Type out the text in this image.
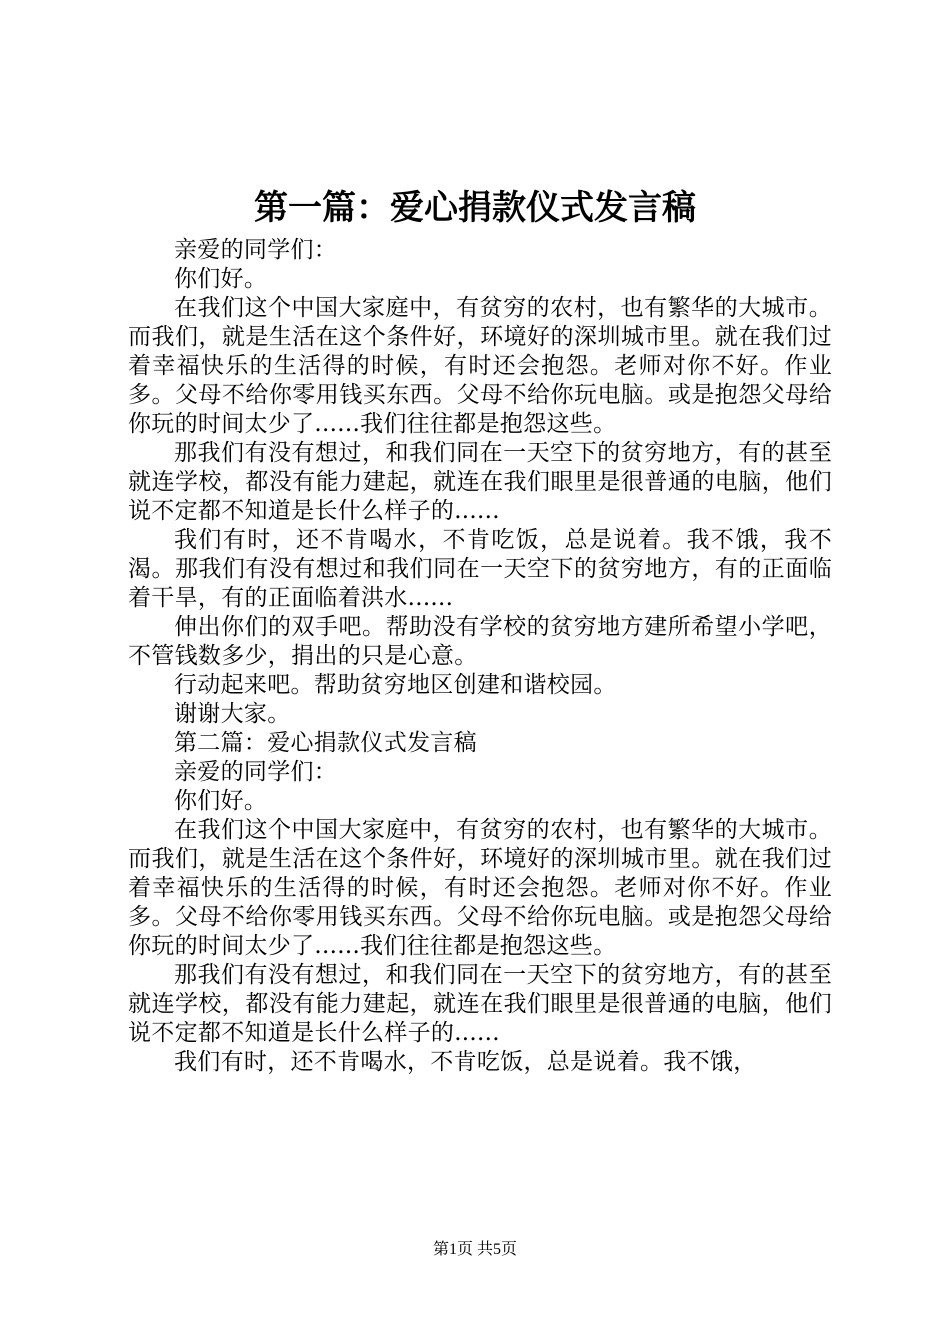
第一篇：爱心捐款仪式发言稿

亲爱的同学们：

你们好。

在我们这个中国大家庭中，有贫穷的农村，也有繁华的大城市。而我们，就是生活在这个条件好，环境好的深圳城市里。就在我们过着幸福快乐的生活得的时候，有时还会抱怨。老师对你不好。作业多。父母不给你零用钱买东西。父母不给你玩电脑。或是抱怨父母给你玩的时间太少了......我们往往都是抱怨这些。

那我们有没有想过，和我们同在一天空下的贫穷地方，有的甚至就连学校，都没有能力建起，就连在我们眼里是很普通的电脑，他们说不定都不知道是长什么样子的......

我们有时，还不肯喝水，不肯吃饭，总是说着。我不饿，我不渴。那我们有没有想过和我们同在一天空下的贫穷地方，有的正面临着干旱，有的正面临着洪水......

伸出你们的双手吧。帮助没有学校的贫穷地方建所希望小学吧，不管钱数多少，捐出的只是心意。

行动起来吧。帮助贫穷地区创建和谐校园。

谢谢大家。

第二篇：爱心捐款仪式发言稿

亲爱的同学们：

你们好。

在我们这个中国大家庭中，有贫穷的农村，也有繁华的大城市。而我们，就是生活在这个条件好，环境好的深圳城市里。就在我们过着幸福快乐的生活得的时候，有时还会抱怨。老师对你不好。作业多。父母不给你零用钱买东西。父母不给你玩电脑。或是抱怨父母给你玩的时间太少了......我们往往都是抱怨这些。

那我们有没有想过，和我们同在一天空下的贫穷地方，有的甚至就连学校，都没有能力建起，就连在我们眼里是很普通的电脑，他们说不定都不知道是长什么样子的......

我们有时，还不肯喝水，不肯吃饭，总是说着。我不饿，

第1页 共5页
